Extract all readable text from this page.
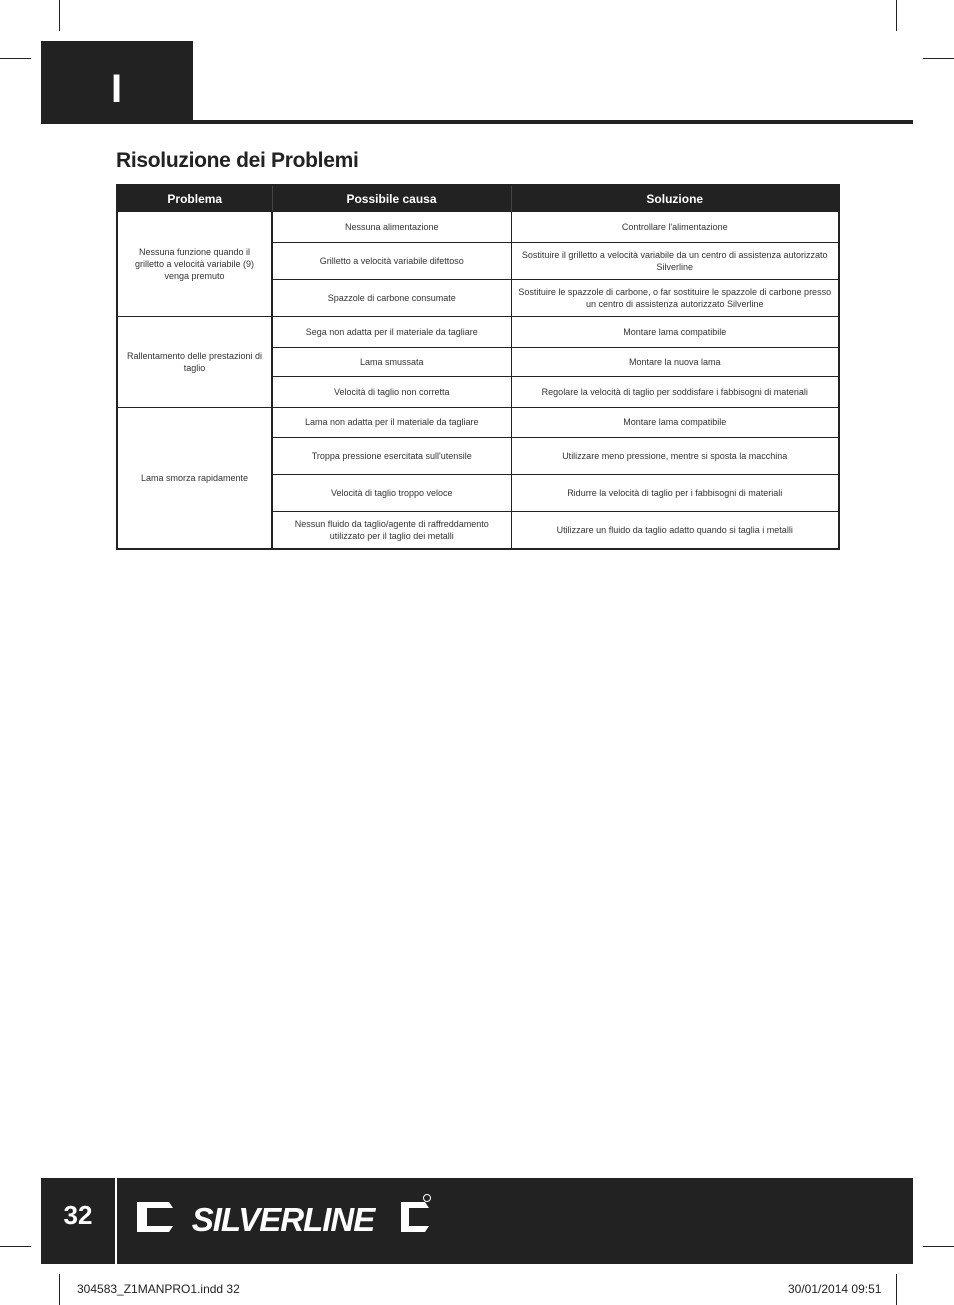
I
Risoluzione dei Problemi
Problema	Possibile causa	Soluzione
Nessuna funzione quando il grilletto a velocità variabile (9) venga premuto	Nessuna alimentazione	Controllare l'alimentazione
	Grilletto a velocità variabile difettoso	Sostituire il grilletto a velocità variabile da un centro di assistenza autorizzato Silverline
	Spazzole di carbone consumate	Sostituire le spazzole di carbone, o far sostituire le spazzole di carbone presso un centro di assistenza autorizzato Silverline
Rallentamento delle prestazioni di taglio	Sega non adatta per il materiale da tagliare	Montare lama compatibile
	Lama smussata	Montare la nuova lama
	Velocità di taglio non corretta	Regolare la velocità di taglio per soddisfare i fabbisogni di materiali
Lama smorza rapidamente	Lama non adatta per il materiale da tagliare	Montare lama compatibile
	Troppa pressione esercitata sull'utensile	Utilizzare meno pressione, mentre si sposta la macchina
	Velocità di taglio troppo veloce	Ridurre la velocità di taglio per i fabbisogni di materiali
	Nessun fluido da taglio/agente di raffreddamento utilizzato per il taglio dei metalli	Utilizzare un fluido da taglio adatto quando si taglia i metalli
32	SILVERLINE
304583_Z1MANPRO1.indd 32	30/01/2014 09:51
